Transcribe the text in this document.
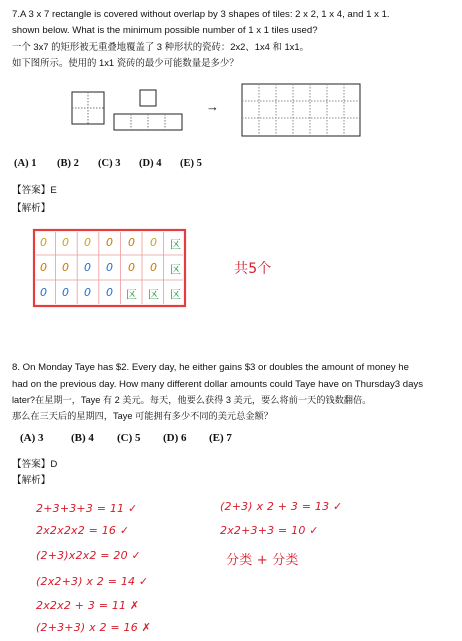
7.A 3 x 7 rectangle is covered without overlap by 3 shapes of tiles: 2 x 2, 1 x 4, and 1 x 1.
shown below. What is the minimum possible number of 1 x 1 tiles used?
一个 3x7 的矩形被无重叠地覆盖了 3 种形状的瓷砖：2x2、1x4 和 1x1。
如下图所示。使用的 1x1 瓷砖的最少可能数量是多少？
→
(A) 1 (B) 2 (C) 3 (D) 4 (E) 5
【答案】E
【解析】
0 0 0 0 0 0 区
0 0 0 0 0 0 区
0 0 0 0 区 区 区
共5个
8. On Monday Taye has $2. Every day, he either gains $3 or doubles the amount of money he
had on the previous day. How many different dollar amounts could Taye have on Thursday3 days
later?在星期一，Taye 有 2 美元。每天，他要么获得 3 美元，要么将前一天的钱数翻倍。
那么在三天后的星期四，Taye 可能拥有多少不同的美元总金额？
(A) 3 (B) 4 (C) 5 (D) 6 (E) 7
【答案】D
【解析】
2+3+3+3 = 11 ✓
2x2x2x2 = 16 ✓
(2+3)x2x2 = 20 ✓
(2x2+3) x 2 = 14 ✓
2x2x2 + 3 = 11 ✗
(2+3+3) x 2 = 16 ✗
(2+3) x 2 + 3 = 13 ✓
2x2+3+3 = 10 ✓
分类 + 分类
